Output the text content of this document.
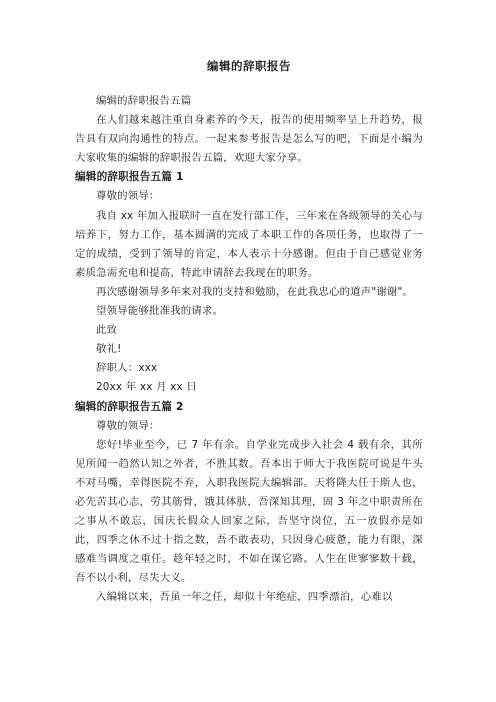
编辑的辞职报告

编辑的辞职报告五篇

在人们越来越注重自身素养的今天，报告的使用频率呈上升趋势，报告具有双向沟通性的特点。一起来参考报告是怎么写的吧，下面是小编为大家收集的编辑的辞职报告五篇，欢迎大家分享。

编辑的辞职报告五篇 1

尊敬的领导：

我自 xx 年加入报联时一直在发行部工作，三年来在各级领导的关心与培养下，努力工作，基本圆满的完成了本职工作的各项任务，也取得了一定的成绩，受到了领导的肯定，本人表示十分感谢。但由于自己感觉业务素质急需充电和提高，特此申请辞去我现在的职务。

再次感谢领导多年来对我的支持和勉励，在此我忠心的道声"谢谢"。

望领导能够批准我的请求。

此致

敬礼!

辞职人：xxx

20xx 年 xx 月 xx 日

编辑的辞职报告五篇 2

尊敬的领导：

您好!毕业至今，已 7 年有余。自学业完成步入社会 4 载有余，其所见所闻一趋然认知之外者，不胜其数。吾本出于师大于我医院可说是牛头不对马嘴，幸得医院不弃，入职我医院大编辑部。天将降大任于斯人也，必先苦其心志，劳其筋骨，饿其体肤，吾深知其理，固 3 年之中职责所在之事从不敢忘，国庆长假众人回家之际，吾坚守岗位，五一放假亦是如此，四季之休不过十指之数，吾不敢表功，只因身心疲惫，能力有限，深感难当调度之重任。趁年轻之时，不如在谋它路。人生在世寥寥数十载，吾不以小利，尽失大义。

入编辑以来，吾虽一年之任，却似十年绝症，四季漂泊，心难以
